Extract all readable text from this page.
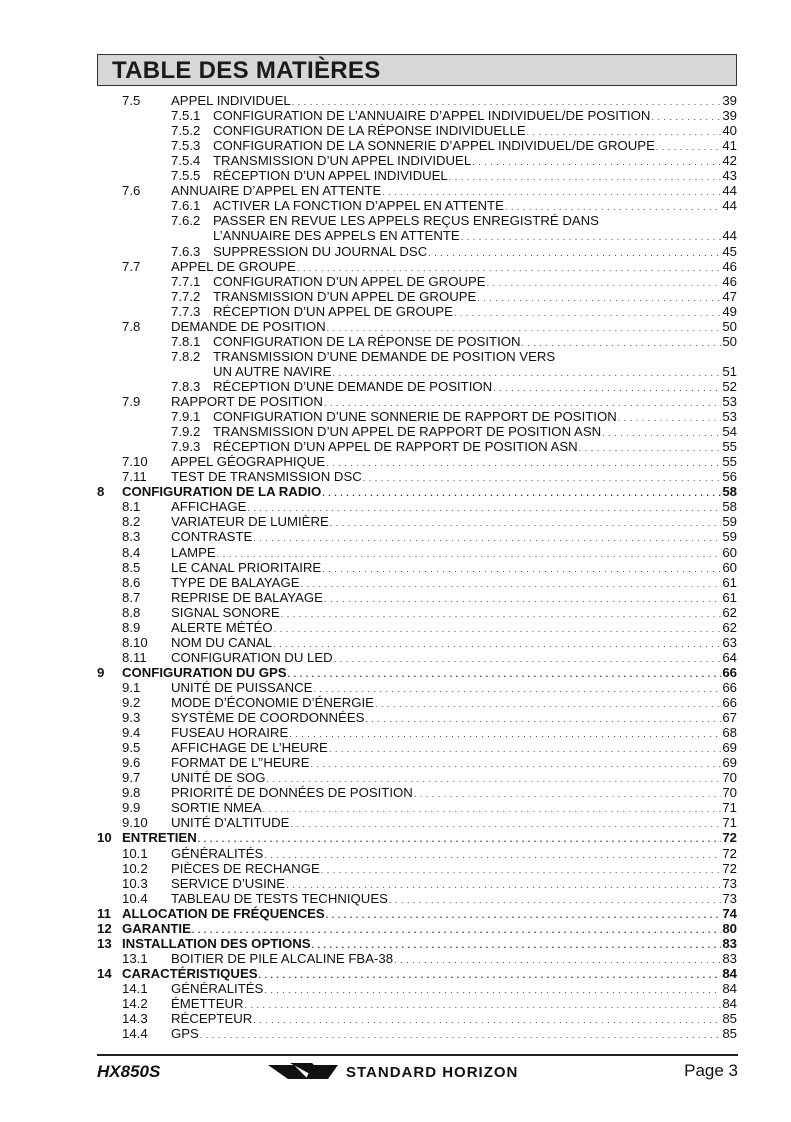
TABLE DES MATIÈRES
7.5	APPEL INDIVIDUEL . . .	39
7.5.1 CONFIGURATION DE L’ANNUAIRE D’APPEL INDIVIDUEL/DE POSITION . . .	39
7.5.2 CONFIGURATION DE LA RÉPONSE INDIVIDUELLE . . .	40
7.5.3 CONFIGURATION DE LA SONNERIE D’APPEL INDIVIDUEL/DE GROUPE . . .	41
7.5.4 TRANSMISSION D’UN APPEL INDIVIDUEL . . .	42
7.5.5 RÉCEPTION D’UN APPEL INDIVIDUEL . . .	43
7.6	ANNUAIRE D’APPEL EN ATTENTE . . .	44
7.6.1 ACTIVER LA FONCTION D’APPEL EN ATTENTE . . .	44
7.6.2 PASSER EN REVUE LES APPELS REÇUS ENREGISTRÉ DANS
L’ANNUAIRE DES APPELS EN ATTENTE . . .	44
7.6.3 SUPPRESSION DU JOURNAL DSC . . .	45
7.7	APPEL DE GROUPE . . .	46
7.7.1 CONFIGURATION D’UN APPEL DE GROUPE . . .	46
7.7.2 TRANSMISSION D’UN APPEL DE GROUPE . . .	47
7.7.3 RÉCEPTION D’UN APPEL DE GROUPE . . .	49
7.8	DEMANDE DE POSITION . . .	50
7.8.1 CONFIGURATION DE LA RÉPONSE DE POSITION . . .	50
7.8.2 TRANSMISSION D’UNE DEMANDE DE POSITION VERS
UN AUTRE NAVIRE . . .	51
7.8.3 RÉCEPTION D’UNE DEMANDE DE POSITION . . .	52
7.9	RAPPORT DE POSITION . . .	53
7.9.1 CONFIGURATION D’UNE SONNERIE DE RAPPORT DE POSITION . . .	53
7.9.2 TRANSMISSION D’UN APPEL DE RAPPORT DE POSITION ASN . . .	54
7.9.3 RÉCEPTION D’UN APPEL DE RAPPORT DE POSITION ASN . . .	55
7.10	APPEL GÉOGRAPHIQUE . . .	55
7.11	TEST DE TRANSMISSION DSC . . .	56
8	CONFIGURATION DE LA RADIO . . .	58
8.1	AFFICHAGE . . .	58
8.2	VARIATEUR DE LUMIÈRE . . .	59
8.3	CONTRASTE . . .	59
8.4	LAMPE . . .	60
8.5	LE CANAL PRIORITAIRE . . .	60
8.6	TYPE DE BALAYAGE . . .	61
8.7	REPRISE DE BALAYAGE . . .	61
8.8	SIGNAL SONORE . . .	62
8.9	ALERTE MÉTÉO . . .	62
8.10	NOM DU CANAL . . .	63
8.11	CONFIGURATION DU LED . . .	64
9	CONFIGURATION DU GPS . . .	66
9.1	UNITÉ DE PUISSANCE . . .	66
9.2	MODE D’ÉCONOMIE D’ÉNERGIE . . .	66
9.3	SYSTÈME DE COORDONNÉES . . .	67
9.4	FUSEAU HORAIRE . . .	68
9.5	AFFICHAGE DE L’HEURE . . .	69
9.6	FORMAT DE L’’HEURE . . .	69
9.7	UNITÉ DE SOG . . .	70
9.8	PRIORITÉ DE DONNÉES DE POSITION . . .	70
9.9	SORTIE NMEA . . .	71
9.10	UNITÉ D’ALTITUDE . . .	71
10 ENTRETIEN . . .	72
10.1	GÉNÉRALITÉS . . .	72
10.2	PIÈCES DE RECHANGE . . .	72
10.3	SERVICE D’USINE . . .	73
10.4	TABLEAU DE TESTS TECHNIQUES . . .	73
11 ALLOCATION DE FRÉQUENCES . . .	74
12 GARANTIE . . .	80
13 INSTALLATION DES OPTIONS . . .	83
13.1	BOITIER DE PILE ALCALINE FBA-38 . . .	83
14 CARACTÉRISTIQUES . . .	84
14.1	GÉNÉRALITÉS . . .	84
14.2	ÉMETTEUR . . .	84
14.3	RÉCEPTEUR . . .	85
14.4	GPS . . .	85
HX850S	STANDARD HORIZON	Page 3
